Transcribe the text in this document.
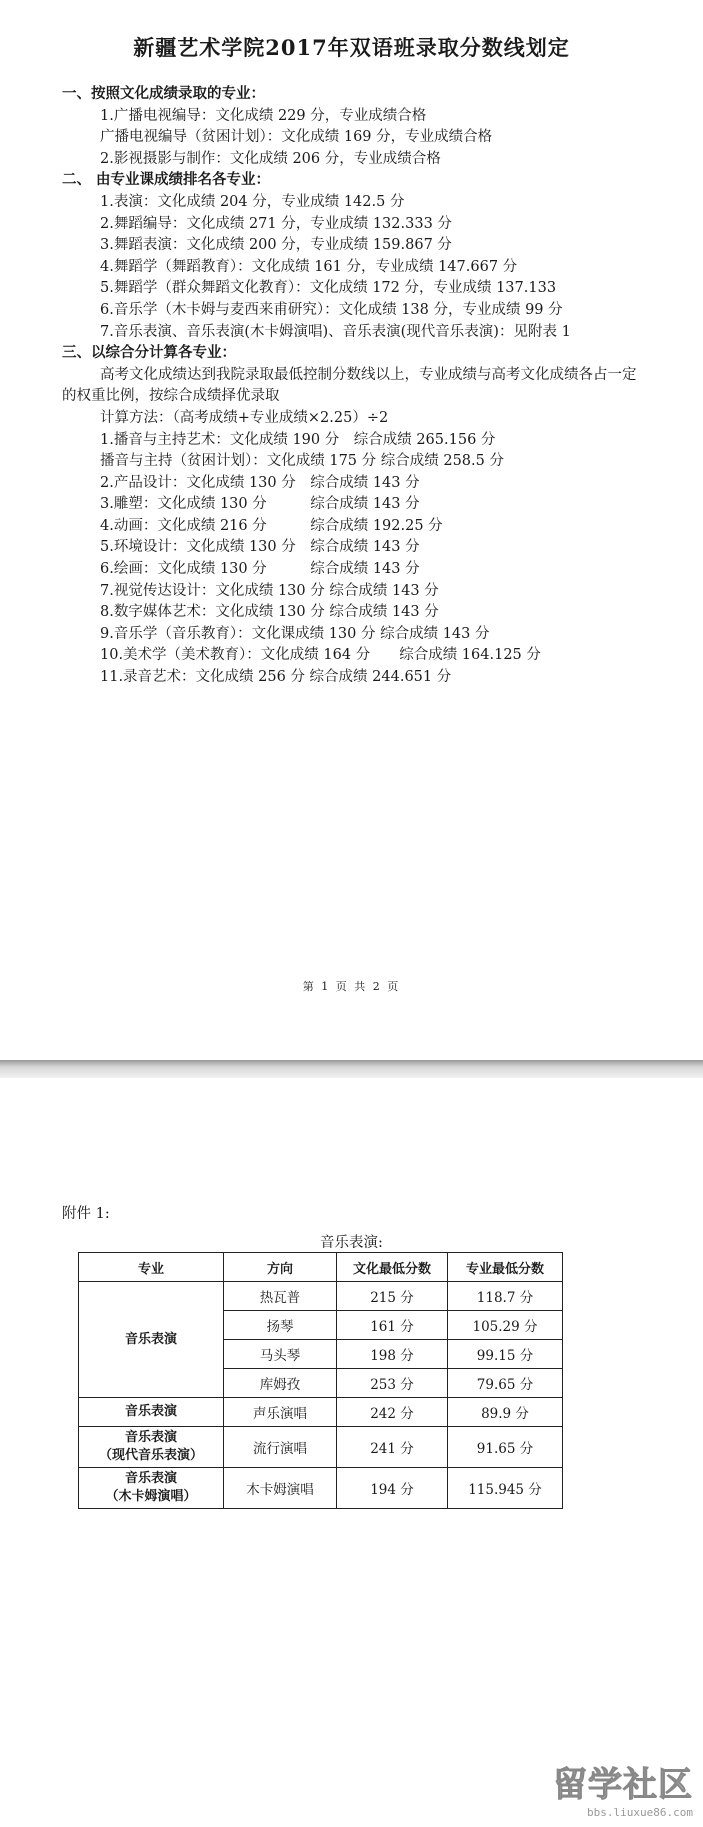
新疆艺术学院2017年双语班录取分数线划定
一、按照文化成绩录取的专业：
1.广播电视编导：文化成绩 229 分，专业成绩合格
广播电视编导（贫困计划）：文化成绩 169 分，专业成绩合格
2.影视摄影与制作：文化成绩 206 分，专业成绩合格
二、 由专业课成绩排名各专业：
1.表演：文化成绩 204 分，专业成绩 142.5 分
2.舞蹈编导：文化成绩 271 分，专业成绩 132.333 分
3.舞蹈表演：文化成绩 200 分，专业成绩 159.867 分
4.舞蹈学（舞蹈教育）：文化成绩 161 分，专业成绩 147.667 分
5.舞蹈学（群众舞蹈文化教育）：文化成绩 172 分，专业成绩 137.133
6.音乐学（木卡姆与麦西来甫研究）：文化成绩 138 分，专业成绩 99 分
7.音乐表演、音乐表演(木卡姆演唱)、音乐表演(现代音乐表演)：见附表 1
三、以综合分计算各专业：
高考文化成绩达到我院录取最低控制分数线以上，专业成绩与高考文化成绩各占一定的权重比例，按综合成绩择优录取
计算方法：（高考成绩+专业成绩×2.25）÷2
1.播音与主持艺术：文化成绩 190 分　综合成绩 265.156 分
播音与主持（贫困计划）：文化成绩 175 分 综合成绩 258.5 分
2.产品设计：文化成绩 130 分　综合成绩 143 分
3.雕塑：文化成绩 130 分　　　综合成绩 143 分
4.动画：文化成绩 216 分　　　综合成绩 192.25 分
5.环境设计：文化成绩 130 分　综合成绩 143 分
6.绘画：文化成绩 130 分　　　综合成绩 143 分
7.视觉传达设计：文化成绩 130 分 综合成绩 143 分
8.数字媒体艺术：文化成绩 130 分 综合成绩 143 分
9.音乐学（音乐教育）：文化课成绩 130 分 综合成绩 143 分
10.美术学（美术教育）：文化成绩 164 分　　综合成绩 164.125 分
11.录音艺术：文化成绩 256 分 综合成绩 244.651 分
第 1 页 共 2 页
附件 1:
音乐表演:
专业	方向	文化最低分数	专业最低分数
音乐表演	热瓦普	215 分	118.7 分
	扬琴	161 分	105.29 分
	马头琴	198 分	99.15 分
	库姆孜	253 分	79.65 分
音乐表演	声乐演唱	242 分	89.9 分

音乐表演
（现代音乐表演）	流行演唱	241 分	91.65 分

音乐表演
（木卡姆演唱）	木卡姆演唱	194 分	115.945 分
留学社区
bbs.liuxue86.com
